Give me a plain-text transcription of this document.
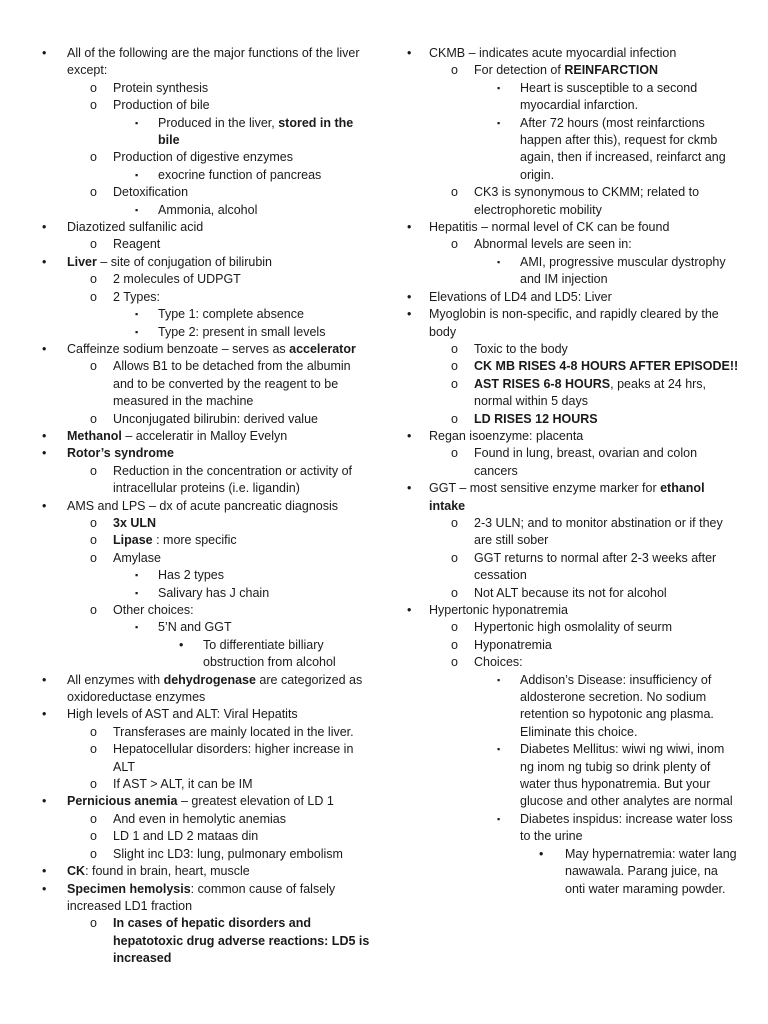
• All of the following are the major functions of the liver except:
o Protein synthesis
o Production of bile
▪ Produced in the liver, stored in the bile
o Production of digestive enzymes
▪ exocrine function of pancreas
o Detoxification
▪ Ammonia, alcohol
• Diazotized sulfanilic acid
o Reagent
• Liver – site of conjugation of bilirubin
o 2 molecules of UDPGT
o 2 Types:
▪ Type 1: complete absence
▪ Type 2: present in small levels
• Caffeinze sodium benzoate – serves as accelerator
o Allows B1 to be detached from the albumin and to be converted by the reagent to be measured in the machine
o Unconjugated bilirubin: derived value
• Methanol – acceleratir in Malloy Evelyn
• Rotor’s syndrome
o Reduction in the concentration or activity of intracellular proteins (i.e. ligandin)
• AMS and LPS – dx of acute pancreatic diagnosis
o 3x ULN
o Lipase : more specific
o Amylase
▪ Has 2 types
▪ Salivary has J chain
o Other choices:
▪ 5’N and GGT
• To differentiate billiary obstruction from alcohol
• All enzymes with dehydrogenase are categorized as oxidoreductase enzymes
• High levels of AST and ALT: Viral Hepatits
o Transferases are mainly located in the liver.
o Hepatocellular disorders: higher increase in ALT
o If AST > ALT, it can be IM
• Pernicious anemia – greatest elevation of LD 1
o And even in hemolytic anemias
o LD 1 and LD 2 mataas din
o Slight inc LD3: lung, pulmonary embolism
• CK: found in brain, heart, muscle
• Specimen hemolysis: common cause of falsely increased LD1 fraction
o In cases of hepatic disorders and hepatotoxic drug adverse reactions: LD5 is increased
• CKMB – indicates acute myocardial infection
o For detection of REINFARCTION
▪ Heart is susceptible to a second myocardial infarction.
▪ After 72 hours (most reinfarctions happen after this), request for ckmb again, then if increased, reinfarct ang origin.
o CK3 is synonymous to CKMM; related to electrophoretic mobility
• Hepatitis – normal level of CK can be found
o Abnormal levels are seen in:
▪ AMI, progressive muscular dystrophy and IM injection
• Elevations of LD4 and LD5: Liver
• Myoglobin is non-specific, and rapidly cleared by the body
o Toxic to the body
o CK MB RISES 4-8 HOURS AFTER EPISODE!!
o AST RISES 6-8 HOURS, peaks at 24 hrs, normal within 5 days
o LD RISES 12 HOURS
• Regan isoenzyme: placenta
o Found in lung, breast, ovarian and colon cancers
• GGT – most sensitive enzyme marker for ethanol intake
o 2-3 ULN; and to monitor abstination or if they are still sober
o GGT returns to normal after 2-3 weeks after cessation
o Not ALT because its not for alcohol
• Hypertonic hyponatremia
o Hypertonic high osmolality of seurm
o Hyponatremia
o Choices:
▪ Addison’s Disease: insufficiency of aldosterone secretion. No sodium retention so hypotonic ang plasma. Eliminate this choice.
▪ Diabetes Mellitus: wiwi ng wiwi, inom ng inom ng tubig so drink plenty of water thus hyponatremia. But your glucose and other analytes are normal
▪ Diabetes inspidus: increase water loss to the urine
• May hypernatremia: water lang nawawala. Parang juice, na onti water maraming powder.
